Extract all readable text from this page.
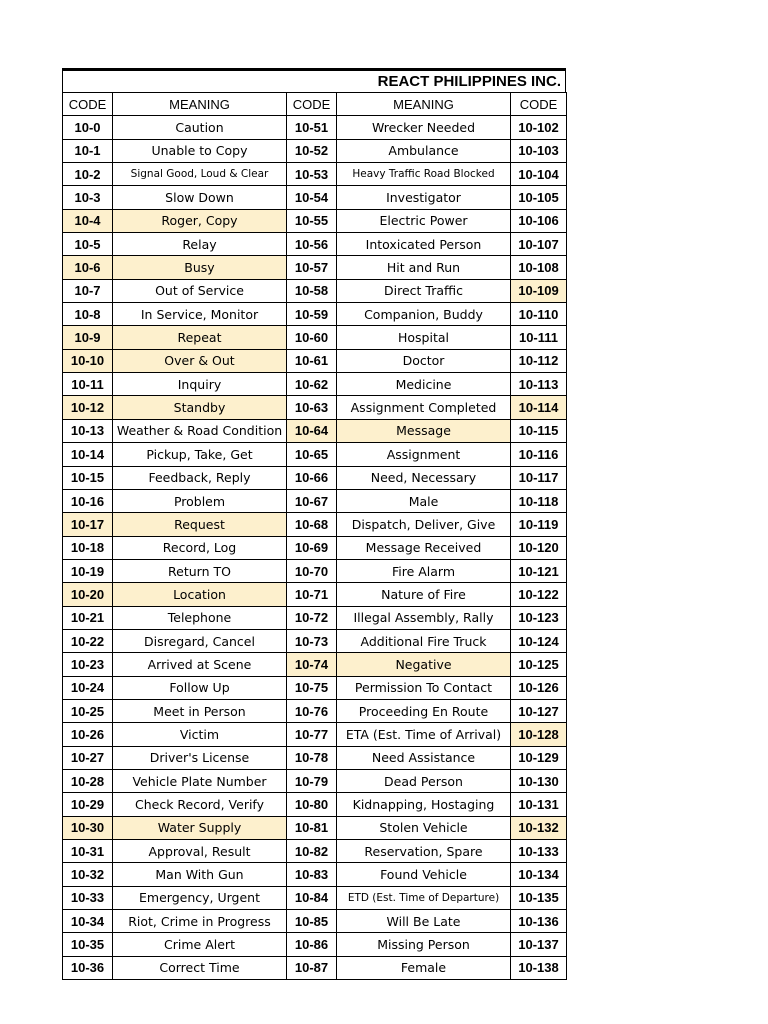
REACT PHILIPPINES INC.
CODE	MEANING	CODE	MEANING	CODE
10-0	Caution	10-51	Wrecker Needed	10-102
10-1	Unable to Copy	10-52	Ambulance	10-103
10-2	Signal Good, Loud & Clear	10-53	Heavy Traffic Road Blocked	10-104
10-3	Slow Down	10-54	Investigator	10-105
10-4	Roger, Copy	10-55	Electric Power	10-106
10-5	Relay	10-56	Intoxicated Person	10-107
10-6	Busy	10-57	Hit and Run	10-108
10-7	Out of Service	10-58	Direct Traffic	10-109
10-8	In Service, Monitor	10-59	Companion, Buddy	10-110
10-9	Repeat	10-60	Hospital	10-111
10-10	Over & Out	10-61	Doctor	10-112
10-11	Inquiry	10-62	Medicine	10-113
10-12	Standby	10-63	Assignment Completed	10-114
10-13	Weather & Road Condition	10-64	Message	10-115
10-14	Pickup, Take, Get	10-65	Assignment	10-116
10-15	Feedback, Reply	10-66	Need, Necessary	10-117
10-16	Problem	10-67	Male	10-118
10-17	Request	10-68	Dispatch, Deliver, Give	10-119
10-18	Record, Log	10-69	Message Received	10-120
10-19	Return TO	10-70	Fire Alarm	10-121
10-20	Location	10-71	Nature of Fire	10-122
10-21	Telephone	10-72	Illegal Assembly, Rally	10-123
10-22	Disregard, Cancel	10-73	Additional Fire Truck	10-124
10-23	Arrived at Scene	10-74	Negative	10-125
10-24	Follow Up	10-75	Permission To Contact	10-126
10-25	Meet in Person	10-76	Proceeding En Route	10-127
10-26	Victim	10-77	ETA (Est. Time of Arrival)	10-128
10-27	Driver's License	10-78	Need Assistance	10-129
10-28	Vehicle Plate Number	10-79	Dead Person	10-130
10-29	Check Record, Verify	10-80	Kidnapping, Hostaging	10-131
10-30	Water Supply	10-81	Stolen Vehicle	10-132
10-31	Approval, Result	10-82	Reservation, Spare	10-133
10-32	Man With Gun	10-83	Found Vehicle	10-134
10-33	Emergency, Urgent	10-84	ETD (Est. Time of Departure)	10-135
10-34	Riot, Crime in Progress	10-85	Will Be Late	10-136
10-35	Crime Alert	10-86	Missing Person	10-137
10-36	Correct Time	10-87	Female	10-138
